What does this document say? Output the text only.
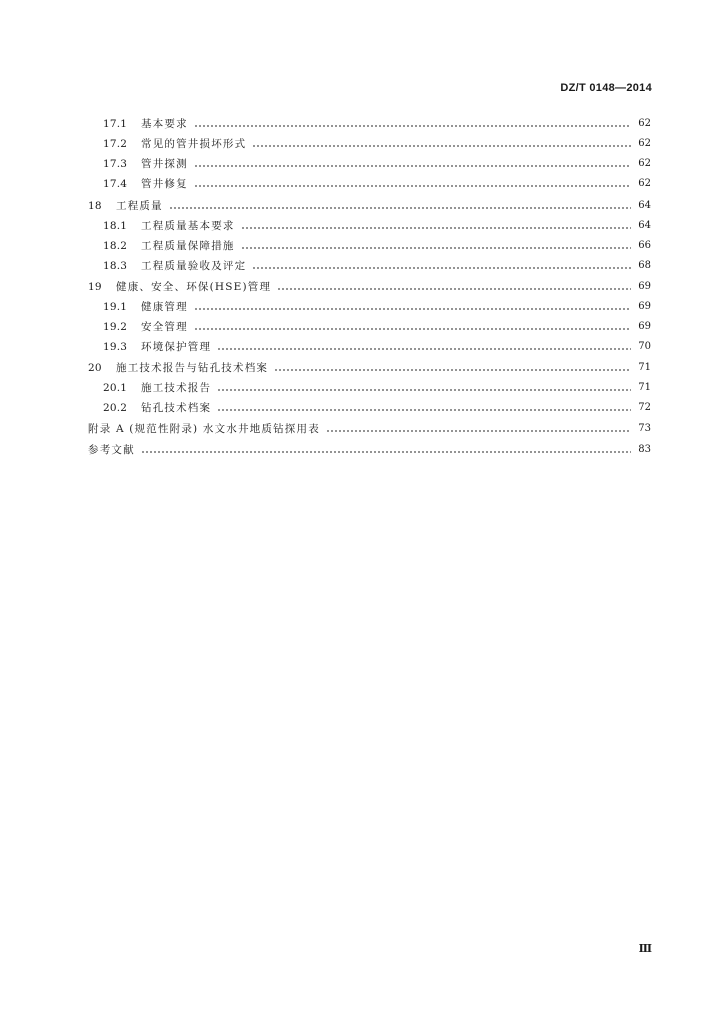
DZ/T 0148—2014
17.1	基本要求	62
17.2	常见的管井损坏形式	62
17.3	管井探测	62
17.4	管井修复	62
18	工程质量	64
18.1	工程质量基本要求	64
18.2	工程质量保障措施	66
18.3	工程质量验收及评定	68
19	健康、安全、环保(HSE)管理	69
19.1	健康管理	69
19.2	安全管理	69
19.3	环境保护管理	70
20	施工技术报告与钻孔技术档案	71
20.1	施工技术报告	71
20.2	钻孔技术档案	72
附录 A (规范性附录) 水文水井地质钻探用表	73
参考文献	83
Ⅲ
